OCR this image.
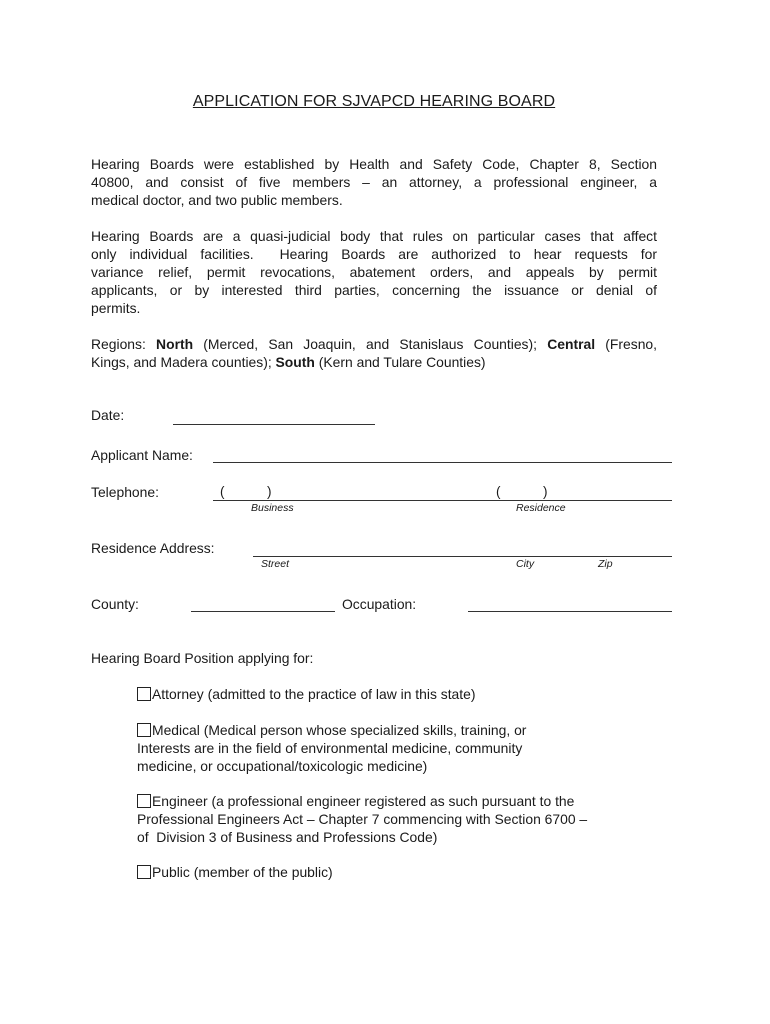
APPLICATION FOR SJVAPCD HEARING BOARD
Hearing Boards were established by Health and Safety Code, Chapter 8, Section
40800, and consist of five members – an attorney, a professional engineer, a
medical doctor, and two public members.
Hearing Boards are a quasi-judicial body that rules on particular cases that affect
only individual facilities.  Hearing Boards are authorized to hear requests for
variance relief, permit revocations, abatement orders, and appeals by permit
applicants, or by interested third parties, concerning the issuance or denial of
permits.
Regions: North (Merced, San Joaquin, and Stanislaus Counties); Central (Fresno,
Kings, and Madera counties); South (Kern and Tulare Counties)
Date:
Applicant Name:
Telephone:	(	)	(	)
Business	Residence
Residence Address:
Street	City	Zip
County:	Occupation:
Hearing Board Position applying for:
Attorney (admitted to the practice of law in this state)
Medical (Medical person whose specialized skills, training, or
Interests are in the field of environmental medicine, community
medicine, or occupational/toxicologic medicine)
Engineer (a professional engineer registered as such pursuant to the
Professional Engineers Act – Chapter 7 commencing with Section 6700 –
of  Division 3 of Business and Professions Code)
Public (member of the public)
